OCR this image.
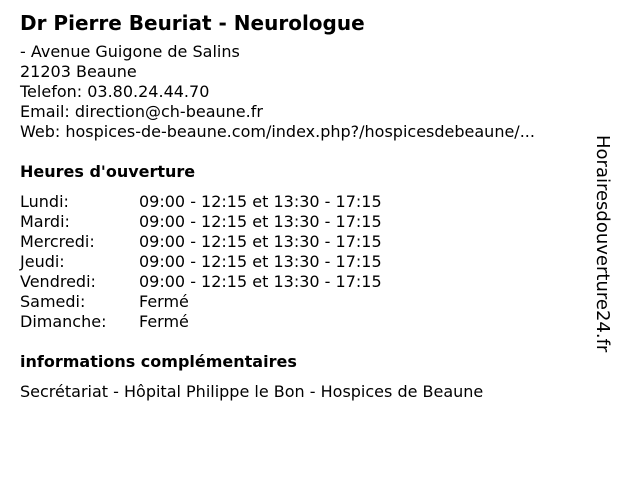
Dr Pierre Beuriat - Neurologue
- Avenue Guigone de Salins
21203 Beaune
Telefon: 03.80.24.44.70
Email: direction@ch-beaune.fr
Web: hospices-de-beaune.com/index.php?/hospicesdebeaune/...
Heures d'ouverture
Lundi:	09:00 - 12:15 et 13:30 - 17:15
Mardi:	09:00 - 12:15 et 13:30 - 17:15
Mercredi:	09:00 - 12:15 et 13:30 - 17:15
Jeudi:	09:00 - 12:15 et 13:30 - 17:15
Vendredi:	09:00 - 12:15 et 13:30 - 17:15
Samedi:	Fermé
Dimanche:	Fermé
informations complémentaires
Secrétariat - Hôpital Philippe le Bon - Hospices de Beaune
Horairesdouverture24.fr
